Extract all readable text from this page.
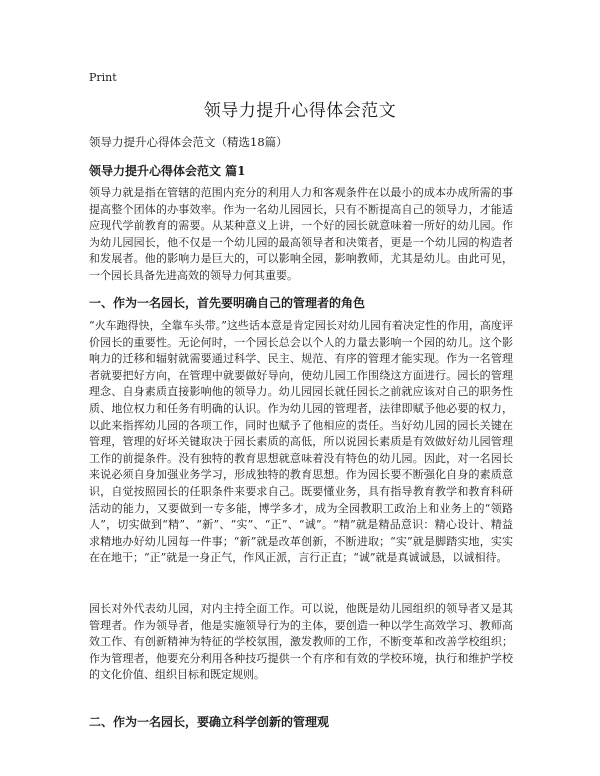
Print
领导力提升心得体会范文

领导力提升心得体会范文（精选18篇）

领导力提升心得体会范文 篇1

领导力就是指在管辖的范围内充分的利用人力和客观条件在以最小的成本办成所需的事提高整个团体的办事效率。作为一名幼儿园园长，只有不断提高自己的领导力，才能适应现代学前教育的需要。从某种意义上讲，一个好的园长就意味着一所好的幼儿园。作为幼儿园园长，他不仅是一个幼儿园的最高领导者和决策者，更是一个幼儿园的构造者和发展者。他的影响力是巨大的，可以影响全园，影响教师，尤其是幼儿。由此可见，一个园长具备先进高效的领导力何其重要。

一、作为一名园长，首先要明确自己的管理者的角色

“火车跑得快，全靠车头带。”这些话本意是肯定园长对幼儿园有着决定性的作用，高度评价园长的重要性。无论何时，一个园长总会以个人的力量去影响一个园的幼儿。这个影响力的迁移和辐射就需要通过科学、民主、规范、有序的管理才能实现。作为一名管理者就要把好方向，在管理中就要做好导向，使幼儿园工作围绕这方面进行。园长的管理理念、自身素质直接影响他的领导力。幼儿园园长就任园长之前就应该对自己的职务性质、地位权力和任务有明确的认识。作为幼儿园的管理者，法律即赋予他必要的权力，以此来指挥幼儿园的各项工作，同时也赋予了他相应的责任。当好幼儿园的园长关键在管理，管理的好坏关键取决于园长素质的高低，所以说园长素质是有效做好幼儿园管理工作的前提条件。没有独特的教育思想就意味着没有特色的幼儿园。因此，对一名园长来说必须自身加强业务学习，形成独特的教育思想。作为园长要不断强化自身的素质意识，自觉按照园长的任职条件来要求自己。既要懂业务，具有指导教育教学和教育科研活动的能力，又要做到一专多能，博学多才，成为全园教职工政治上和业务上的“领路人”，切实做到“精”、“新”、“实”、“正”、“诚”。“精”就是精品意识：精心设计、精益求精地办好幼儿园每一件事；“新”就是改革创新，不断进取；“实”就是脚踏实地，实实在在地干；“正”就是一身正气，作风正派，言行正直；“诚”就是真诚诚恳，以诚相待。

园长对外代表幼儿园，对内主持全面工作。可以说，他既是幼儿园组织的领导者又是其管理者。作为领导者，他是实施领导行为的主体，要创造一种以学生高效学习、教师高效工作、有创新精神为特征的学校氛围，激发教师的工作，不断变革和改善学校组织；作为管理者，他要充分利用各种技巧提供一个有序和有效的学校环境，执行和维护学校的文化价值、组织目标和既定规则。

二、作为一名园长，要确立科学创新的管理观
